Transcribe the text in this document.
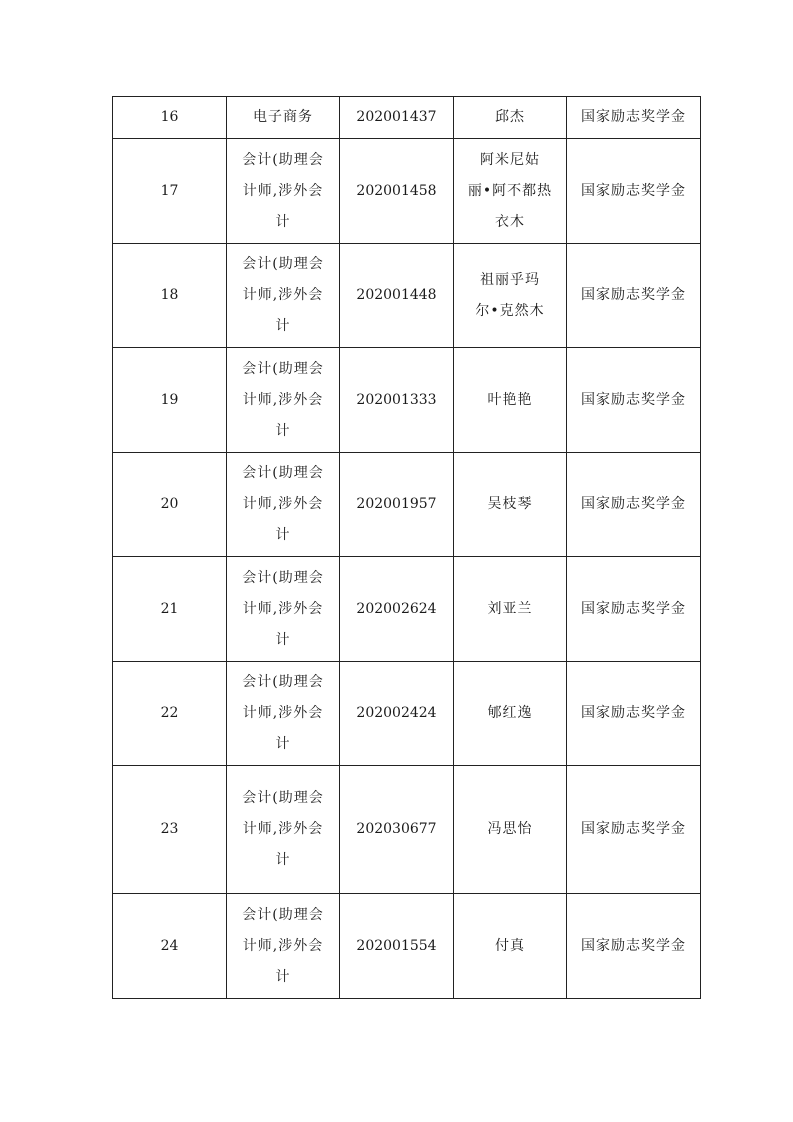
16	电子商务	202001437	邱杰	国家励志奖学金
17	会计(助理会
计师,涉外会
计	202001458	阿米尼姑
丽•阿不都热
衣木	国家励志奖学金
18	会计(助理会
计师,涉外会
计	202001448	祖丽乎玛
尔•克然木	国家励志奖学金
19	会计(助理会
计师,涉外会
计	202001333	叶艳艳	国家励志奖学金
20	会计(助理会
计师,涉外会
计	202001957	吴枝琴	国家励志奖学金
21	会计(助理会
计师,涉外会
计	202002624	刘亚兰	国家励志奖学金
22	会计(助理会
计师,涉外会
计	202002424	郇红逸	国家励志奖学金
23	会计(助理会
计师,涉外会
计	202030677	冯思怡	国家励志奖学金
24	会计(助理会
计师,涉外会
计	202001554	付真	国家励志奖学金
